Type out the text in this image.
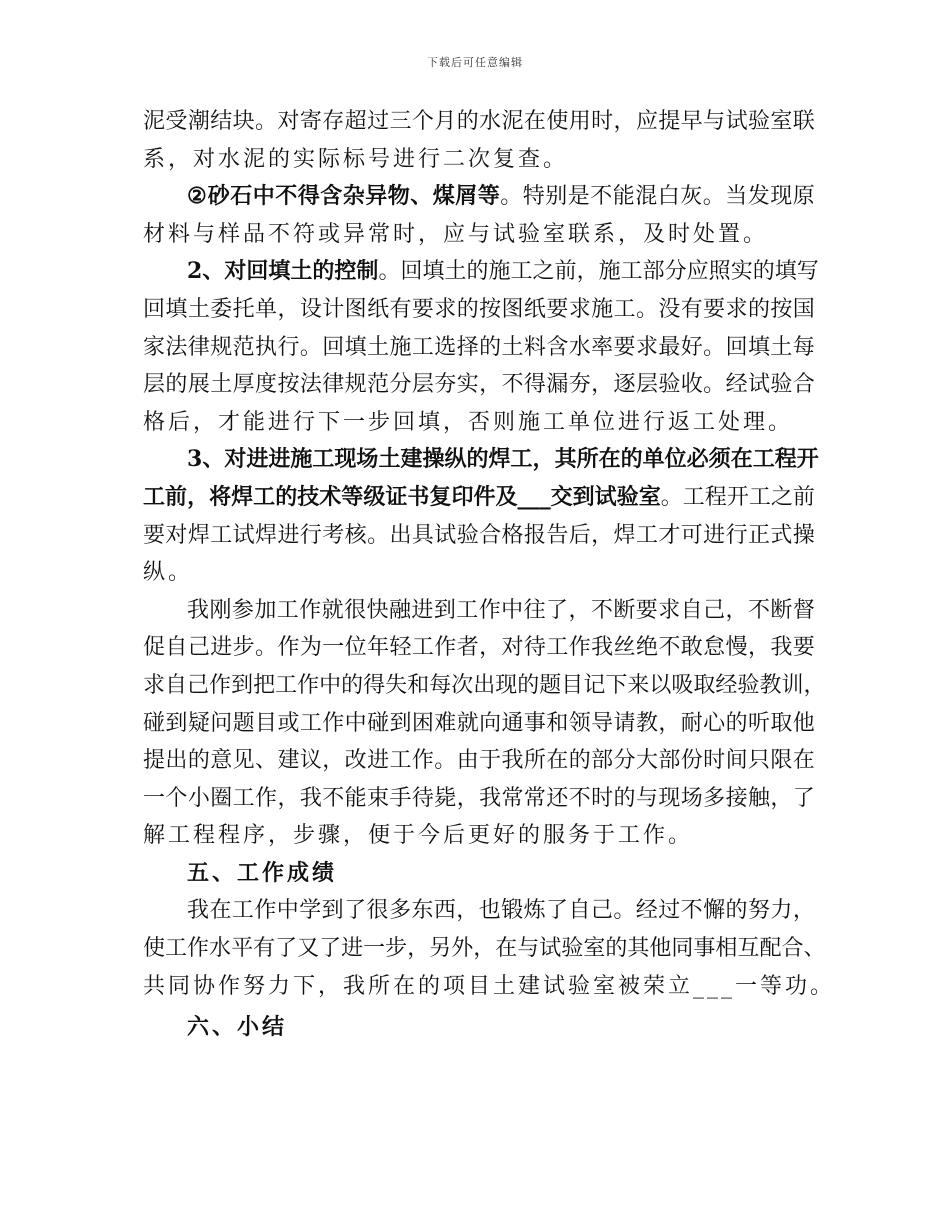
下载后可任意编辑
泥 受 潮 结 块 。 对 寄 存 超 过 三 个 月 的 水 泥 在 使 用 时 ， 应 提 早 与 试 验 室 联
系，对水泥的实际标号进行二次复查。
② 砂 石 中 不 得 含 杂 异 物 、 煤 屑 等 。 特 别 是 不 能 混 白 灰 。 当 发 现 原
材料与样品不符或异常时，应与试验室联系，及时处置。
2 、 对 回 填 土 的 控 制 。 回 填 土 的 施 工 之 前 ， 施 工 部 分 应 照 实 的 填 写
回 填 土 委 托 单 ， 设 计 图 纸 有 要 求 的 按 图 纸 要 求 施 工 。 没 有 要 求 的 按 国
家 法 律 规 范 执 行 。 回 填 土 施 工 选 择 的 土 料 含 水 率 要 求 最 好 。 回 填 土 每
层 的 展 土 厚 度 按 法 律 规 范 分 层 夯 实 ， 不 得 漏 夯 ， 逐 层 验 收 。 经 试 验 合
格后，才能进行下一步回填，否则施工单位进行返工处理。
3 、 对 进 进 施 工 现 场 土 建 操 纵 的 焊 工 ， 其 所 在 的 单 位 必 须 在 工 程 开
工 前 ， 将 焊 工 的 技 术 等 级 证 书 复 印 件 及 _ _ _ 交 到 试 验 室 。 工 程 开 工 之 前
要 对 焊 工 试 焊 进 行 考 核 。 出 具 试 验 合 格 报 告 后 ， 焊 工 才 可 进 行 正 式 操
纵。
我 刚 参 加 工 作 就 很 快 融 进 到 工 作 中 往 了 ， 不 断 要 求 自 己 ， 不 断 督
促 自 己 进 步 。 作 为 一 位 年 轻 工 作 者 ， 对 待 工 作 我 丝 绝 不 敢 怠 慢 ， 我 要
求 自 己 作 到 把 工 作 中 的 得 失 和 每 次 出 现 的 题 目 记 下 来 以 吸 取 经 验 教 训 ，
碰 到 疑 问 题 目 或 工 作 中 碰 到 困 难 就 向 通 事 和 领 导 请 教 ， 耐 心 的 听 取 他
提 出 的 意 见 、 建 议 ， 改 进 工 作 。 由 于 我 所 在 的 部 分 大 部 份 时 间 只 限 在
一 个 小 圈 工 作 ， 我 不 能 束 手 待 毙 ， 我 常 常 还 不 时 的 与 现 场 多 接 触 ， 了
解工程程序，步骤，便于今后更好的服务于工作。
五、工作成绩
我 在 工 作 中 学 到 了 很 多 东 西 ， 也 锻 炼 了 自 己 。 经 过 不 懈 的 努 力 ，
使 工 作 水 平 有 了 又 了 进 一 步 ， 另 外 ， 在 与 试 验 室 的 其 他 同 事 相 互 配 合 、
共同协作努力下，我所在的项目土建试验室被荣立___一等功。
六、小结
